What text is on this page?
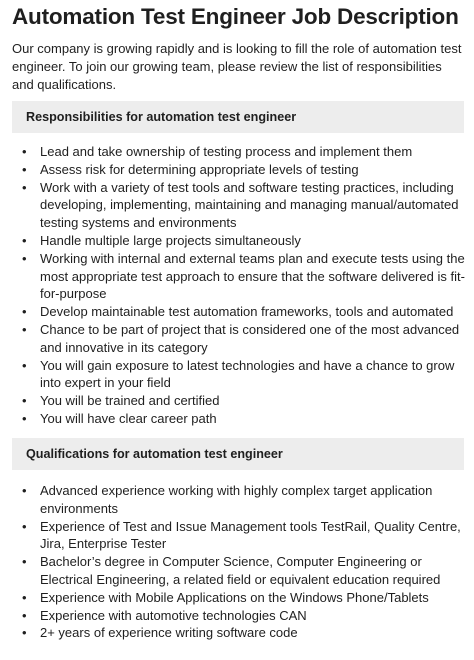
Automation Test Engineer Job Description

Our company is growing rapidly and is looking to fill the role of automation test engineer. To join our growing team, please review the list of responsibilities and qualifications.

Responsibilities for automation test engineer
•	Lead and take ownership of testing process and implement them
•	Assess risk for determining appropriate levels of testing
•	Work with a variety of test tools and software testing practices, including developing, implementing, maintaining and managing manual/automated testing systems and environments
•	Handle multiple large projects simultaneously
•	Working with internal and external teams plan and execute tests using the most appropriate test approach to ensure that the software delivered is fit-for-purpose
•	Develop maintainable test automation frameworks, tools and automated
•	Chance to be part of project that is considered one of the most advanced and innovative in its category
•	You will gain exposure to latest technologies and have a chance to grow into expert in your field
•	You will be trained and certified
•	You will have clear career path
Qualifications for automation test engineer
•	Advanced experience working with highly complex target application environments
•	Experience of Test and Issue Management tools TestRail, Quality Centre, Jira, Enterprise Tester
•	Bachelor’s degree in Computer Science, Computer Engineering or Electrical Engineering, a related field or equivalent education required
•	Experience with Mobile Applications on the Windows Phone/Tablets
•	Experience with automotive technologies CAN
•	2+ years of experience writing software code
